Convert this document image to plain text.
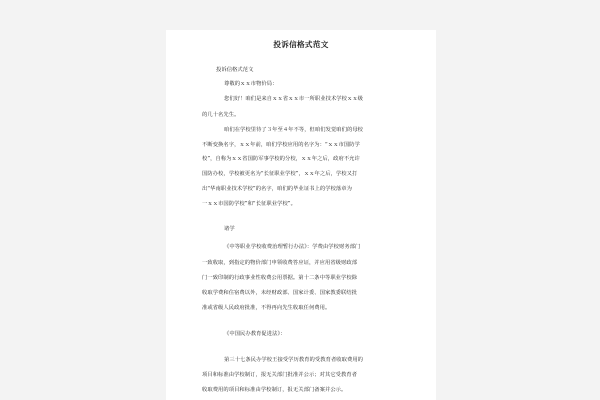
投诉信格式范文
投诉信格式范文
尊敬的ｘｘ市物价局：
您们好！咱们是来自ｘｘ省ｘｘ市一所职业技术学校ｘｘ级
的几十名先生。
咱们在学校里待了３年至４年不等，但咱们发觉咱们的母校
不断变换名字，ｘｘ年前，咱们学校应用的名字为：“ｘｘ市国防学
校”，自称为ｘｘ省国防军事学校的分校，ｘｘ年之后，政府不允许
国防办校，学校被更名为“长征职业学校”，ｘｘ年之后，学校又打
出“华南职业技术学校”的名字，咱们的毕业证书上的学校落章为
一ｘｘ市国防学校”和“长征职业学校”。
诸学
《中等职业学校收费治理暂行办法》：学费由学校财务部门
一致收取，到指定的物价部门申领收费答应证，并应用省级财政部
门一致印制的行政事业性收费公用票据。第十二条中等职业学校除
收取学费和住宿费以外，未经财政部、国家计委、国家教委联结批
准或省级人民政府批准，不得再向先生收取任何费用。
《中国民办教育促进法》：
第三十七条民办学校王接受学历教育的受教育者收取费用的
项目和标准由学校制订，报无关部门批准并公示；对其它受教育者
收取费用的项目和标准由学校制订，报无关部门备案并公示。
